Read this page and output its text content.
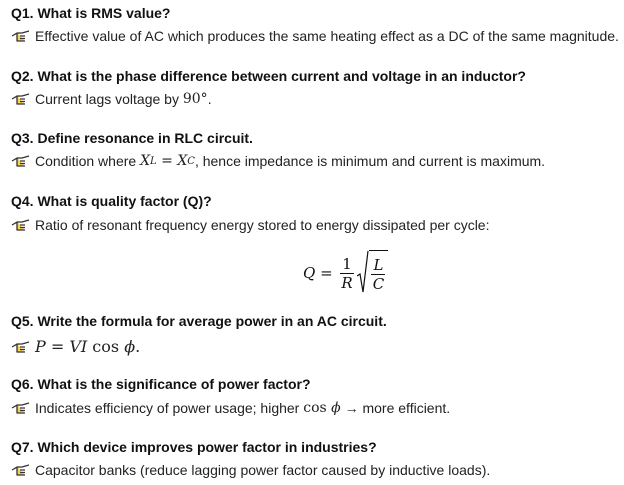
Q1. What is RMS value?
Effective value of AC which produces the same heating effect as a DC of the same magnitude.
Q2. What is the phase difference between current and voltage in an inductor?
Current lags voltage by 90° .
Q3. Define resonance in RLC circuit.
Condition where X L = X C , hence impedance is minimum and current is maximum.
Q4. What is quality factor (Q)?
Ratio of resonant frequency energy stored to energy dissipated per cycle:
$Q = \frac{1}{R} \frac{L}{C}$
Q5. Write the formula for average power in an AC circuit.
P = VI cos ϕ .
Q6. What is the significance of power factor?
Indicates efficiency of power usage; higher cos ϕ → more efficient.
Q7. Which device improves power factor in industries?
Capacitor banks (reduce lagging power factor caused by inductive loads).
